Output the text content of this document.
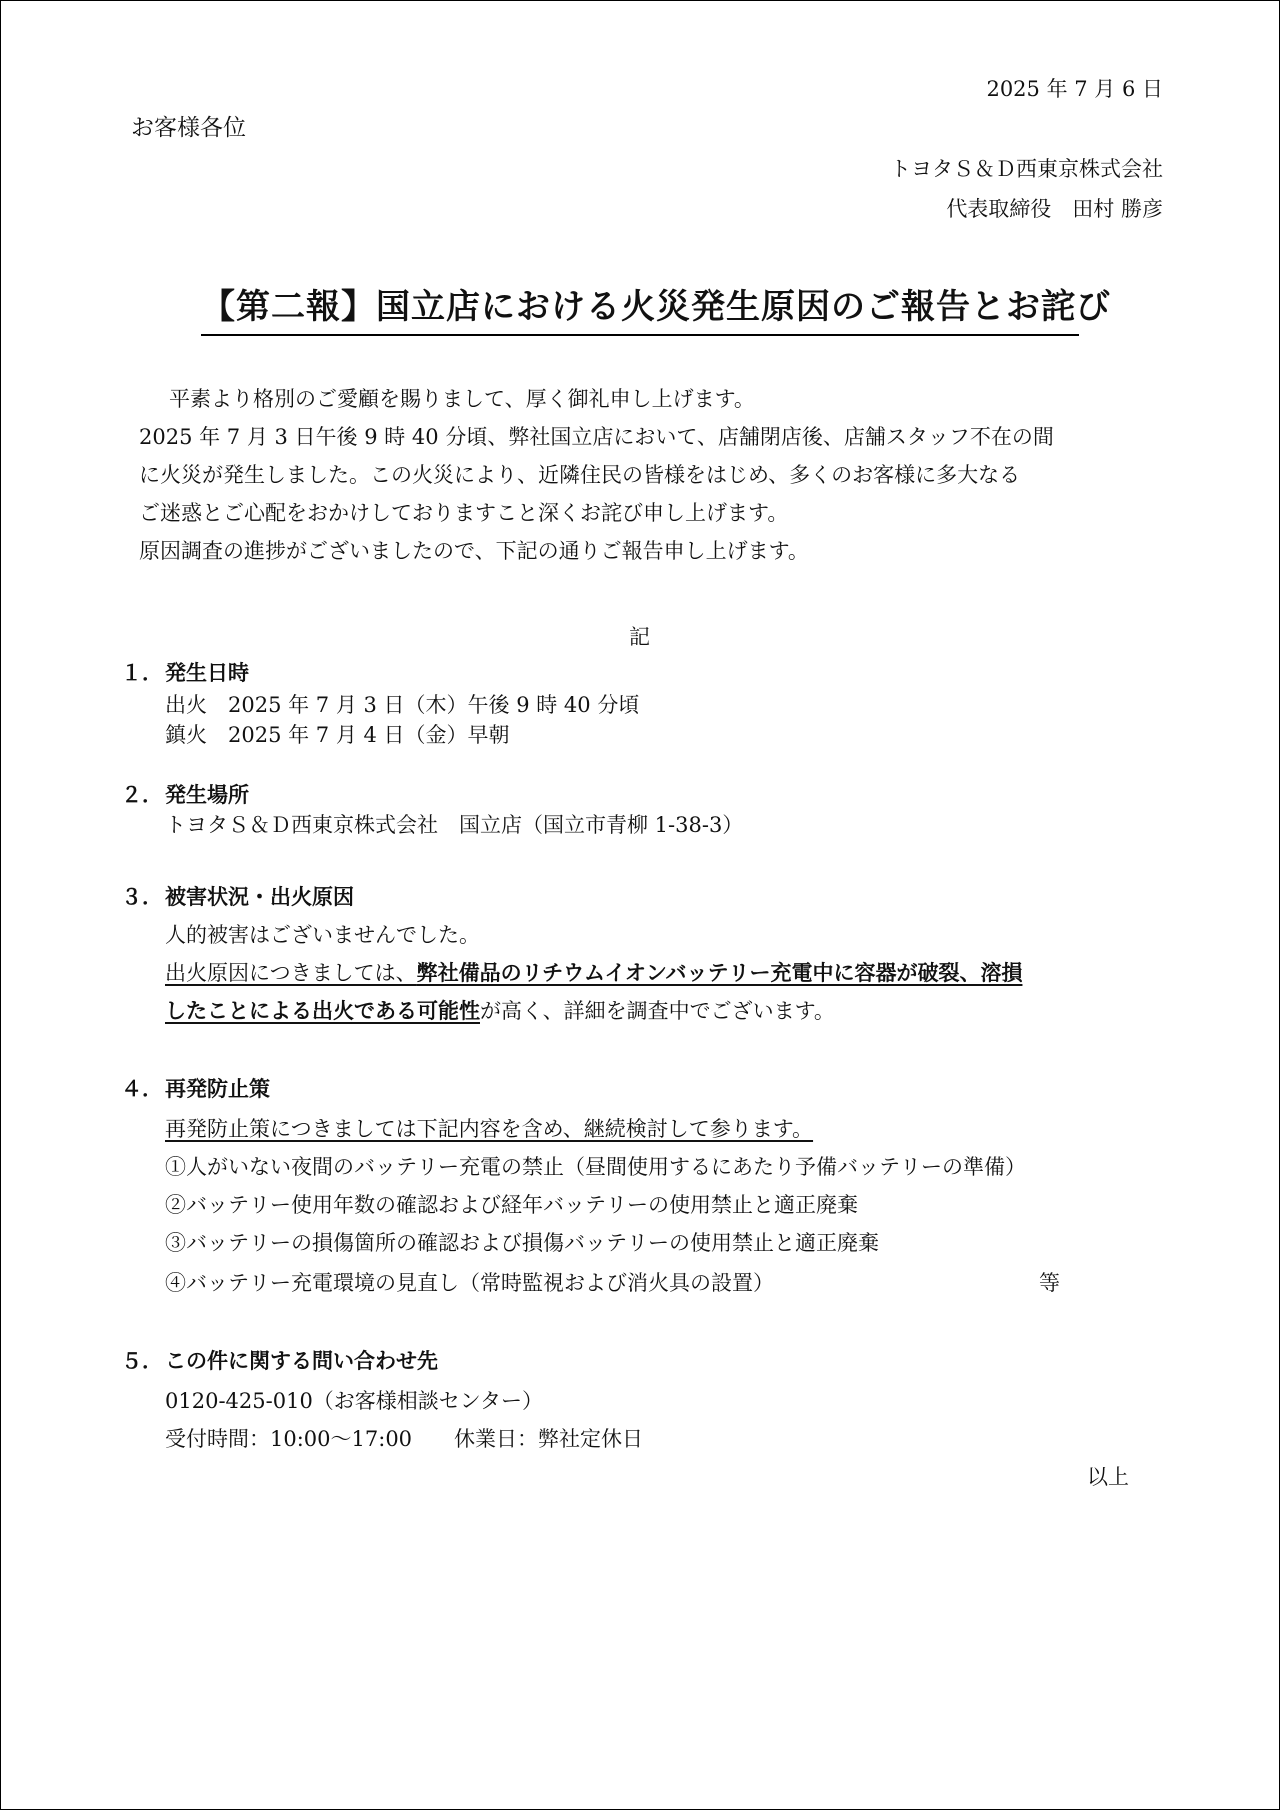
2025 年 7 月 6 日
お客様各位
トヨタＳ＆Ｄ西東京株式会社
代表取締役　田村 勝彦
【第二報】国立店における火災発生原因のご報告とお詫び
平素より格別のご愛顧を賜りまして、厚く御礼申し上げます。
2025 年 7 月 3 日午後 9 時 40 分頃、弊社国立店において、店舗閉店後、店舗スタッフ不在の間
に火災が発生しました。この火災により、近隣住民の皆様をはじめ、多くのお客様に多大なる
ご迷惑とご心配をおかけしておりますこと深くお詫び申し上げます。
原因調査の進捗がございましたので、下記の通りご報告申し上げます。
記
１．発生日時
出火　2025 年 7 月 3 日（木）午後 9 時 40 分頃
鎮火　2025 年 7 月 4 日（金）早朝
２．発生場所
トヨタＳ＆Ｄ西東京株式会社　国立店（国立市青柳 1-38-3）
３．被害状況・出火原因
人的被害はございませんでした。
出火原因につきましては、弊社備品のリチウムイオンバッテリー充電中に容器が破裂、溶損
したことによる出火である可能性が高く、詳細を調査中でございます。
４．再発防止策
再発防止策につきましては下記内容を含め、継続検討して参ります。
①人がいない夜間のバッテリー充電の禁止（昼間使用するにあたり予備バッテリーの準備）
②バッテリー使用年数の確認および経年バッテリーの使用禁止と適正廃棄
③バッテリーの損傷箇所の確認および損傷バッテリーの使用禁止と適正廃棄
④バッテリー充電環境の見直し（常時監視および消火具の設置）	等
５．この件に関する問い合わせ先
0120-425-010（お客様相談センター）
受付時間：10:00～17:00　　休業日：弊社定休日
以上
